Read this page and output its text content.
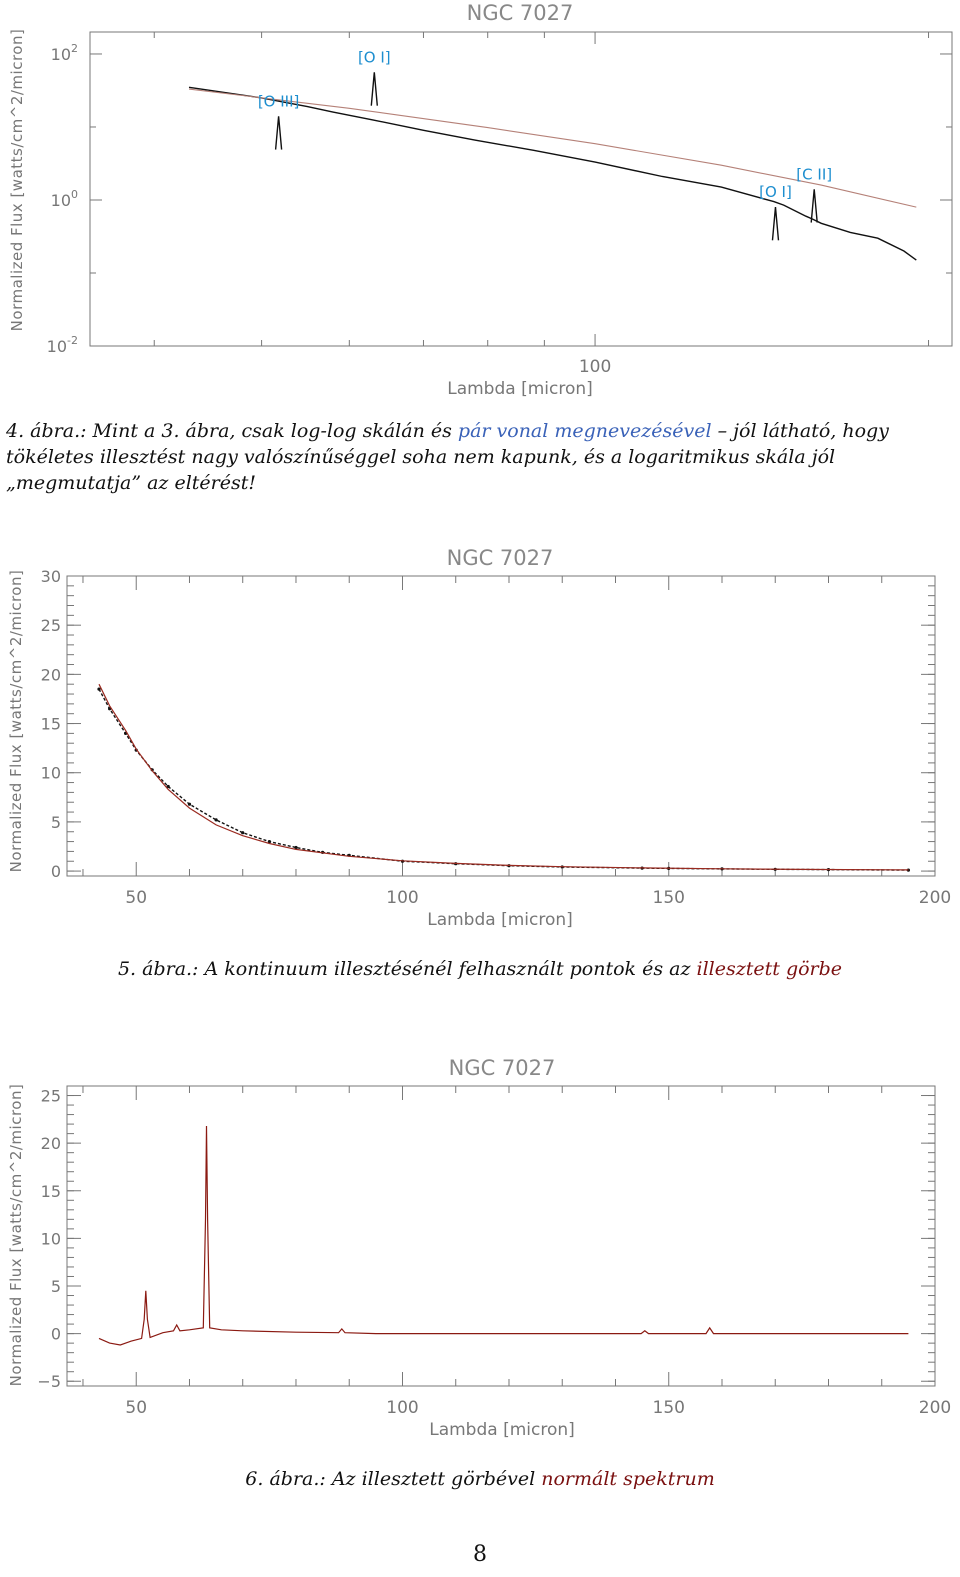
NGC 7027
Normalized Flux [watts/cm^2/micron] $10^2$
$10^0$
$10^{-2}$
100
Lambda [micron]
[O III]
[O I]
[O I]
[C II]
4. ábra.: Mint a 3. ábra, csak log-log skálán és pár vonal megnevezésével – jól látható, hogy tökéletes illesztést nagy valószínűséggel soha nem kapunk, és a logaritmikus skála jól „megmutatja” az eltérést!
NGC 7027
Normalized Flux [watts/cm^2/micron] 0
5
10
15
20
25
30
50	100	150	200
Lambda [micron]
5. ábra.: A kontinuum illesztésénél felhasznált pontok és az illesztett görbe
NGC 7027
Normalized Flux [watts/cm^2/micron] −5
0
5
10
15
20
25
50	100	150	200
Lambda [micron]
6. ábra.: Az illesztett görbével normált spektrum
8
